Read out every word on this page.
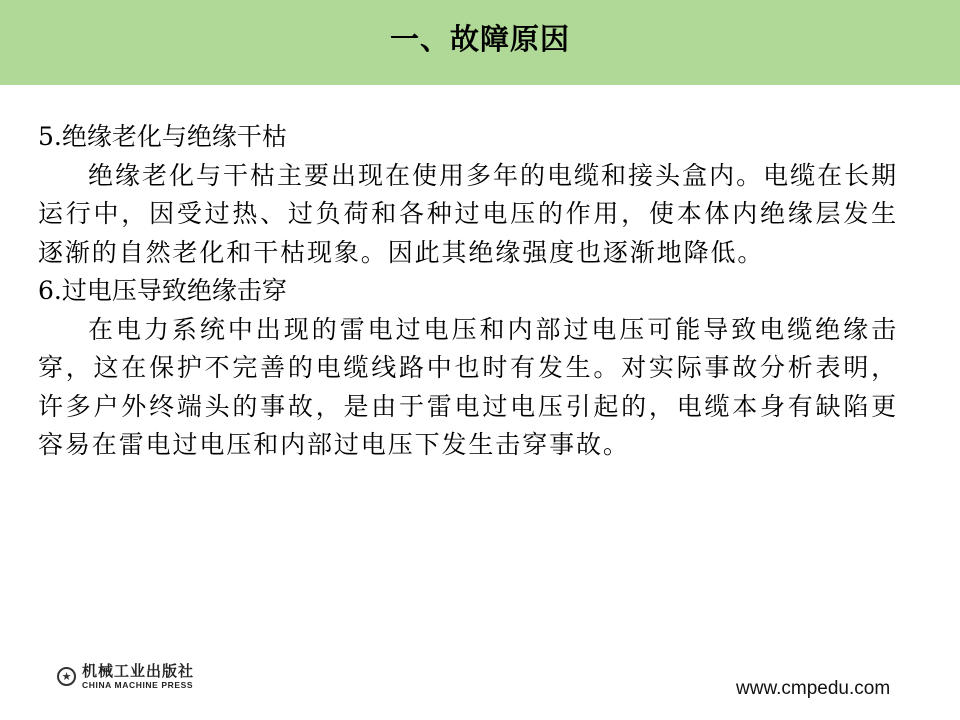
一、故障原因

5.绝缘老化与绝缘干枯

绝缘老化与干枯主要出现在使用多年的电缆和接头盒内。电缆在长期运行中，因受过热、过负荷和各种过电压的作用，使本体内绝缘层发生逐渐的自然老化和干枯现象。因此其绝缘强度也逐渐地降低。

6.过电压导致绝缘击穿

在电力系统中出现的雷电过电压和内部过电压可能导致电缆绝缘击穿，这在保护不完善的电缆线路中也时有发生。对实际事故分析表明，许多户外终端头的事故，是由于雷电过电压引起的，电缆本身有缺陷更容易在雷电过电压和内部过电压下发生击穿事故。

★ 机械工业出版社
CHINA MACHINE PRESS	www.cmpedu.com
